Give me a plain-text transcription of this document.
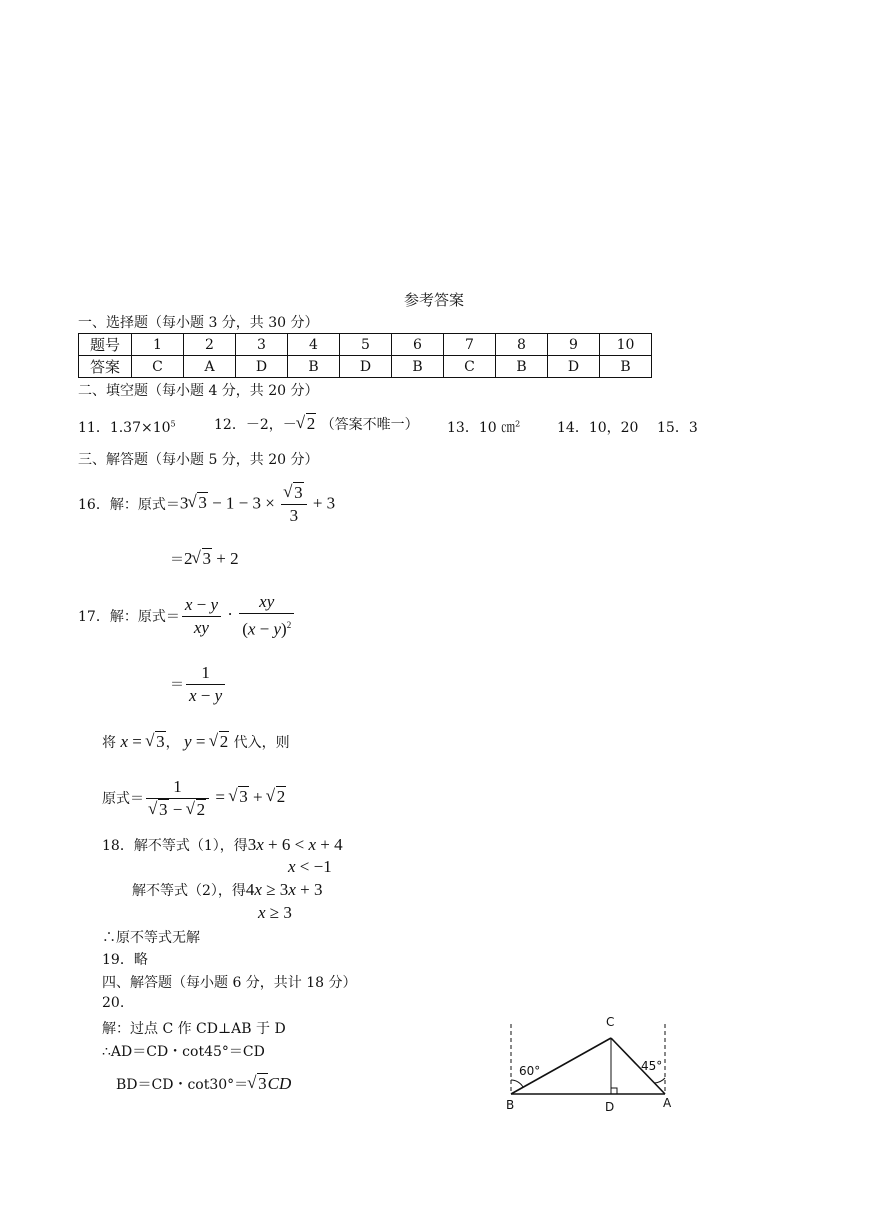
参考答案
一、选择题（每小题 3 分，共 30 分）
题号	1	2	3	4	5	6	7	8	9	10
答案	C	A	D	B	D	B	C	B	D	B
二、填空题（每小题 4 分，共 20 分）
11．$1.37\times 10^5$	12．－2，－ √ 2 （答案不唯一） 13．10 ㎝$^2$	14．10，20 15．3
三、解答题（每小题 5 分，共 20 分）
16．解：原式＝ 3 √ 3 − 1 − 3 × √ $\frac{3}{3} + 3$
＝2 √ 3 + 2
17．解：原式＝ $\frac{x - y}{xy} \cdot \frac{xy}{(x - y)^2}$
＝ $\frac{1}{x - y}$
将 x = √ 3， y = √ 2 代入，则
原式＝ 1
√ 3 − √ 2 = √ 3 + √ 2
18．解不等式（1），得3x + 6 < x + 4
x < −1
解不等式（2），得4x ≥ 3x + 3
x ≥ 3
∴原不等式无解
19．略
四、解答题（每小题 6 分，共计 18 分）
20.
解：过点 C 作 CD⊥AB 于 D
∴AD＝CD・cot45°＝CD
BD＝CD・cot30°＝ √ 3CD
C
B	D	A
60°	45°
